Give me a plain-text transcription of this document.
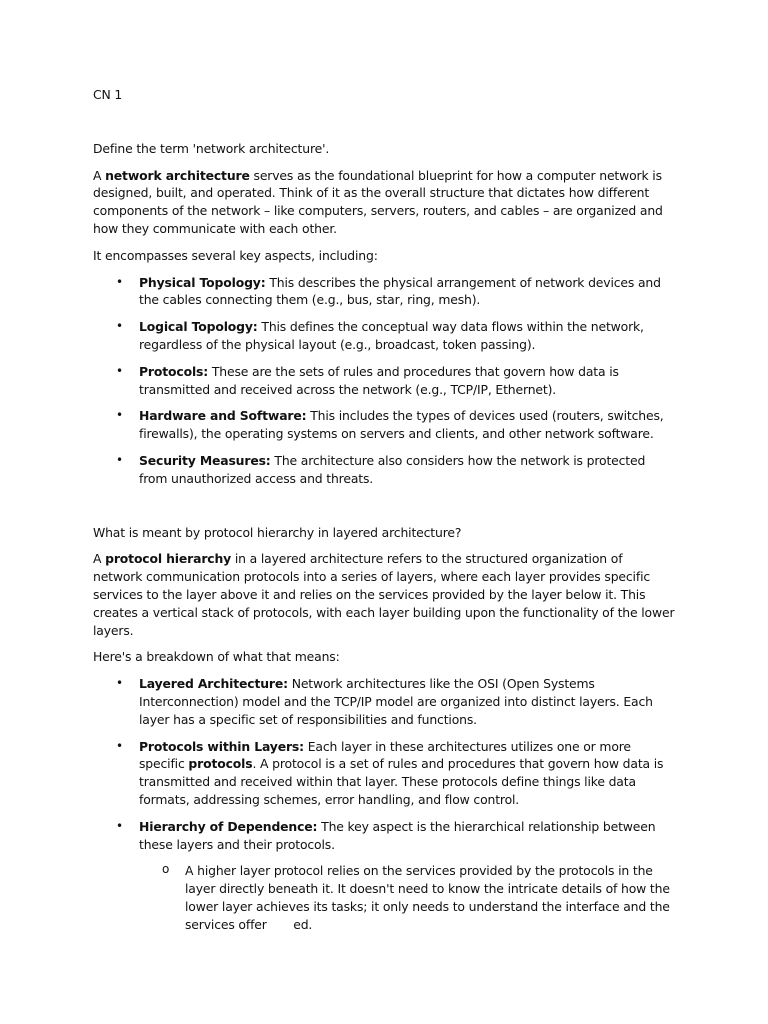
CN 1

Define the term 'network architecture'.

A network architecture serves as the foundational blueprint for how a computer network is designed, built, and operated. Think of it as the overall structure that dictates how different components of the network – like computers, servers, routers, and cables – are organized and how they communicate with each other.

It encompasses several key aspects, including:

• Physical Topology: This describes the physical arrangement of network devices and the cables connecting them (e.g., bus, star, ring, mesh).
• Logical Topology: This defines the conceptual way data flows within the network, regardless of the physical layout (e.g., broadcast, token passing).
• Protocols: These are the sets of rules and procedures that govern how data is transmitted and received across the network (e.g., TCP/IP, Ethernet).
• Hardware and Software: This includes the types of devices used (routers, switches, firewalls), the operating systems on servers and clients, and other network software.
• Security Measures: The architecture also considers how the network is protected from unauthorized access and threats.

What is meant by protocol hierarchy in layered architecture?

A protocol hierarchy in a layered architecture refers to the structured organization of network communication protocols into a series of layers, where each layer provides specific services to the layer above it and relies on the services provided by the layer below it. This creates a vertical stack of protocols, with each layer building upon the functionality of the lower layers.

Here's a breakdown of what that means:

• Layered Architecture: Network architectures like the OSI (Open Systems Interconnection) model and the TCP/IP model are organized into distinct layers. Each layer has a specific set of responsibilities and functions.
• Protocols within Layers: Each layer in these architectures utilizes one or more specific protocols. A protocol is a set of rules and procedures that govern how data is transmitted and received within that layer. These protocols define things like data formats, addressing schemes, error handling, and flow control.
• Hierarchy of Dependence: The key aspect is the hierarchical relationship between these layers and their protocols.
o A higher layer protocol relies on the services provided by the protocols in the layer directly beneath it. It doesn't need to know the intricate details of how the lower layer achieves its tasks; it only needs to understand the interface and the services offer       ed.
